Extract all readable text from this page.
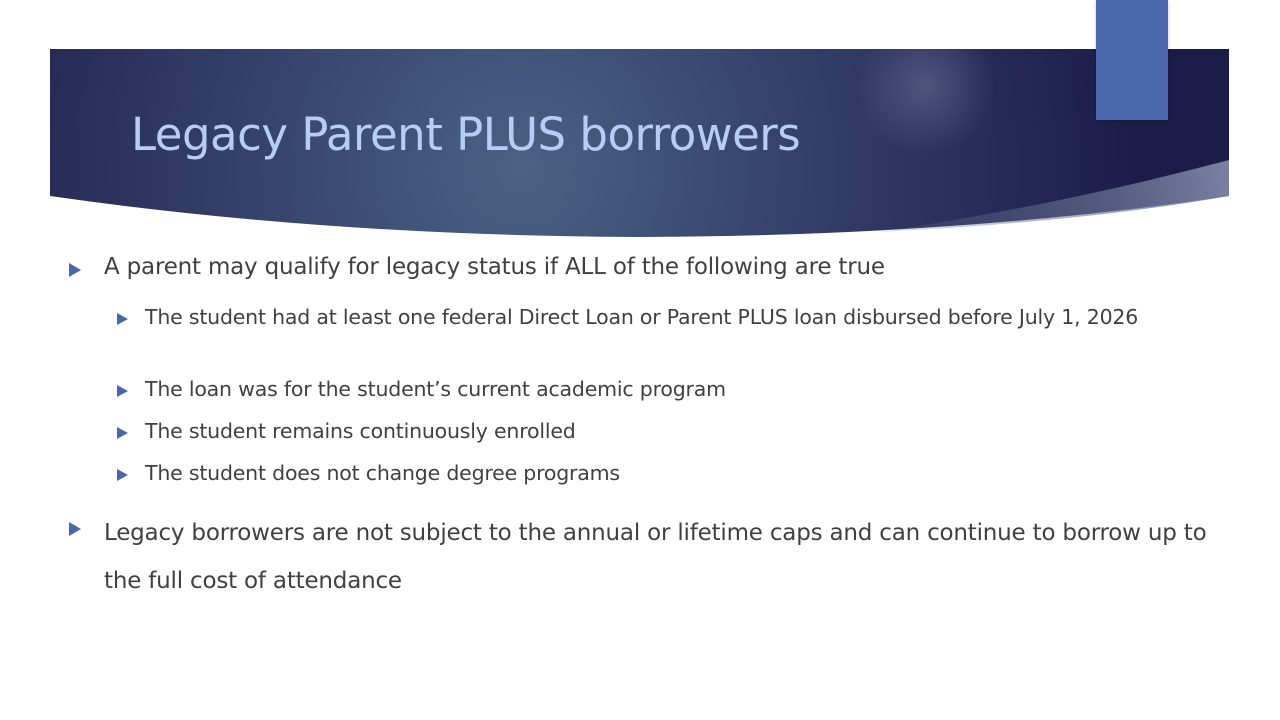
Legacy Parent PLUS borrowers
A parent may qualify for legacy status if ALL of the following are true
The student had at least one federal Direct Loan or Parent PLUS loan disbursed before July 1, 2026
The loan was for the student’s current academic program
The student remains continuously enrolled
The student does not change degree programs
Legacy borrowers are not subject to the annual or lifetime caps and can continue to borrow up to the full cost of attendance
